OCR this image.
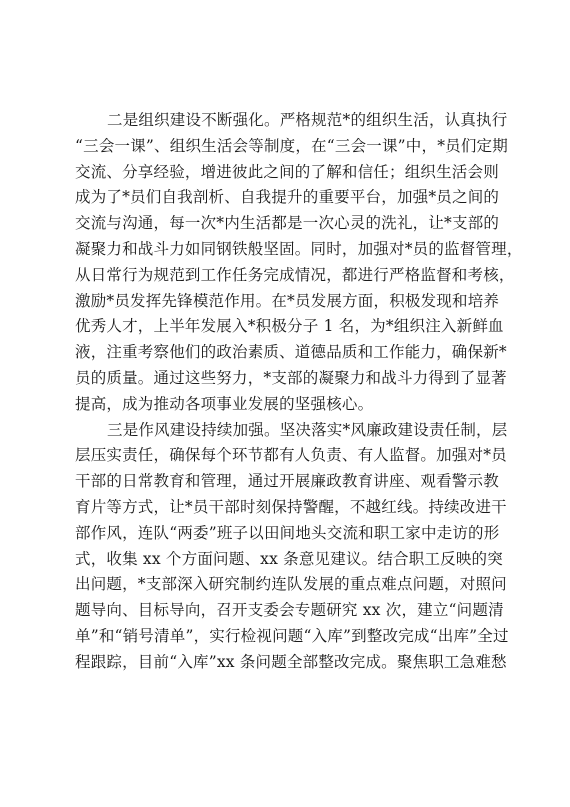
二是组织建设不断强化。严格规范*的组织生活，认真执行
“三会一课”、组织生活会等制度，在“三会一课”中，*员们定期
交流、分享经验，增进彼此之间的了解和信任；组织生活会则
成为了*员们自我剖析、自我提升的重要平台，加强*员之间的
交流与沟通，每一次*内生活都是一次心灵的洗礼，让*支部的
凝聚力和战斗力如同钢铁般坚固。同时，加强对*员的监督管理，
从日常行为规范到工作任务完成情况，都进行严格监督和考核，
激励*员发挥先锋模范作用。在*员发展方面，积极发现和培养
优秀人才，上半年发展入*积极分子 1 名，为*组织注入新鲜血
液，注重考察他们的政治素质、道德品质和工作能力，确保新*
员的质量。通过这些努力，*支部的凝聚力和战斗力得到了显著
提高，成为推动各项事业发展的坚强核心。
三是作风建设持续加强。坚决落实*风廉政建设责任制，层
层压实责任，确保每个环节都有人负责、有人监督。加强对*员
干部的日常教育和管理，通过开展廉政教育讲座、观看警示教
育片等方式，让*员干部时刻保持警醒，不越红线。持续改进干
部作风，连队“两委”班子以田间地头交流和职工家中走访的形
式，收集 xx 个方面问题、xx 条意见建议。结合职工反映的突
出问题，*支部深入研究制约连队发展的重点难点问题，对照问
题导向、目标导向，召开支委会专题研究 xx 次，建立“问题清
单”和“销号清单”，实行检视问题“入库”到整改完成“出库”全过
程跟踪，目前“入库”xx 条问题全部整改完成。聚焦职工急难愁
